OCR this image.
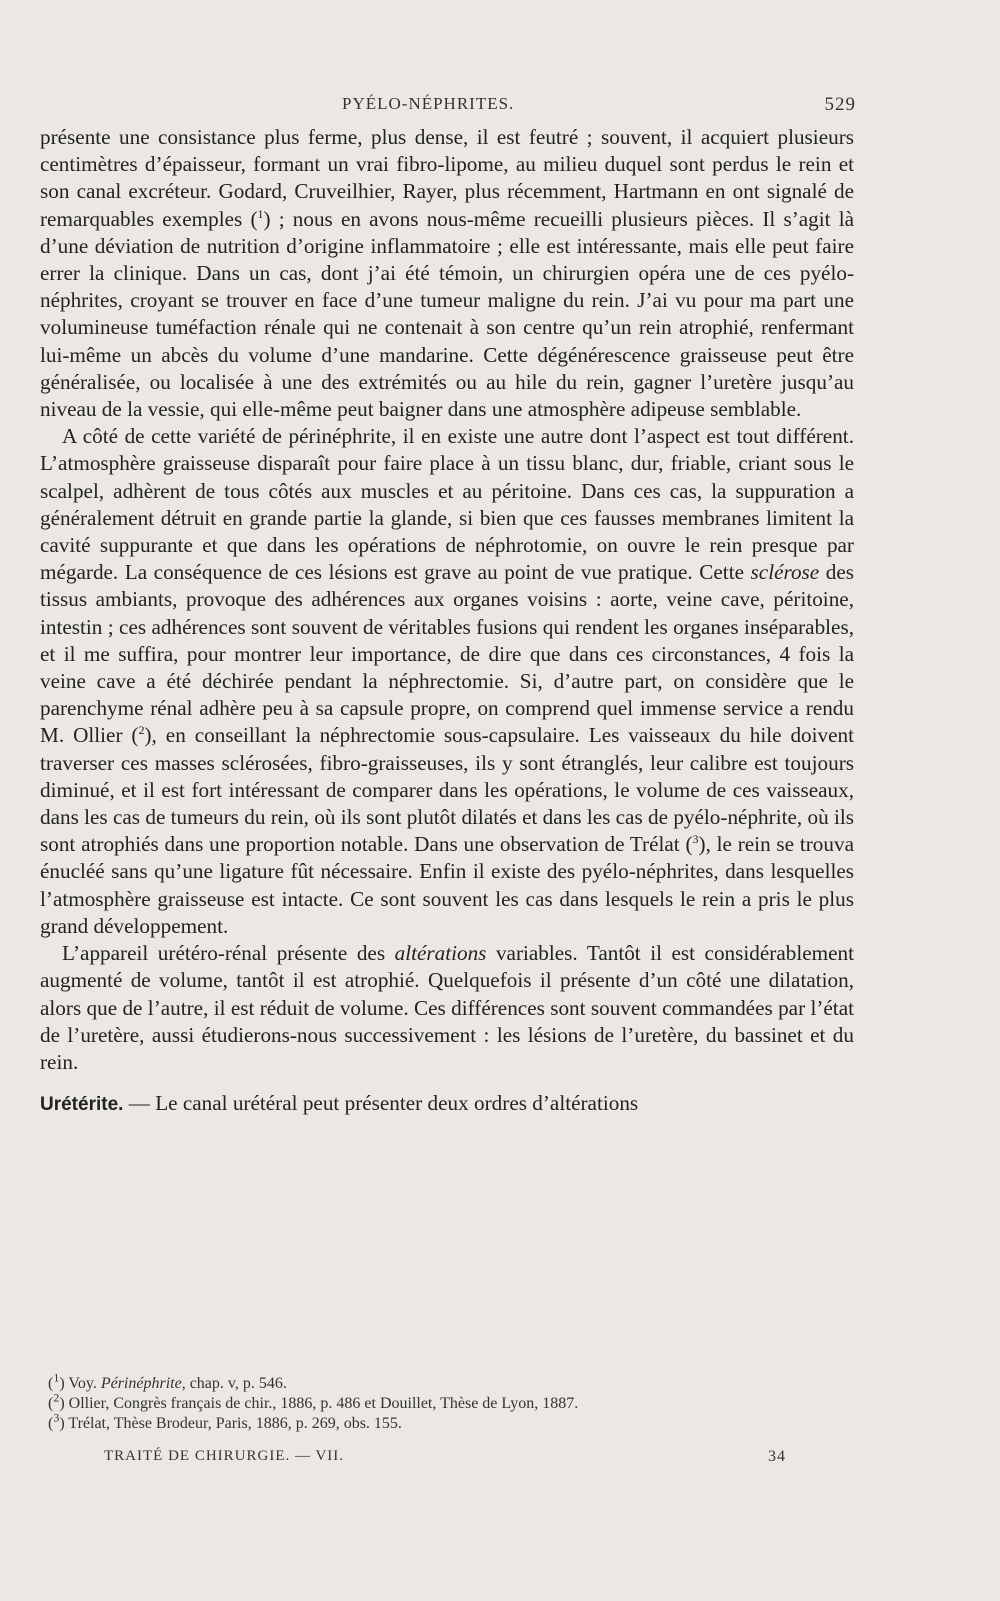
PYÉLO-NÉPHRITES.	529

présente une consistance plus ferme, plus dense, il est feutré ; souvent, il acquiert plusieurs centimètres d’épaisseur, formant un vrai fibro-lipome, au milieu duquel sont perdus le rein et son canal excréteur. Godard, Cruveilhier, Rayer, plus récemment, Hartmann en ont signalé de remarquables exemples ($^1$) ; nous en avons nous-même recueilli plusieurs pièces. Il s’agit là d’une déviation de nutrition d’origine inflammatoire ; elle est intéressante, mais elle peut faire errer la clinique. Dans un cas, dont j’ai été témoin, un chirurgien opéra une de ces pyélo-néphrites, croyant se trouver en face d’une tumeur maligne du rein. J’ai vu pour ma part une volumineuse tuméfaction rénale qui ne contenait à son centre qu’un rein atrophié, renfermant lui-même un abcès du volume d’une mandarine. Cette dégénérescence graisseuse peut être généralisée, ou localisée à une des extrémités ou au hile du rein, gagner l’uretère jusqu’au niveau de la vessie, qui elle-même peut baigner dans une atmosphère adipeuse semblable.

A côté de cette variété de périnéphrite, il en existe une autre dont l’aspect est tout différent. L’atmosphère graisseuse disparaît pour faire place à un tissu blanc, dur, friable, criant sous le scalpel, adhèrent de tous côtés aux muscles et au péritoine. Dans ces cas, la suppuration a généralement détruit en grande partie la glande, si bien que ces fausses membranes limitent la cavité suppurante et que dans les opérations de néphrotomie, on ouvre le rein presque par mégarde. La conséquence de ces lésions est grave au point de vue pratique. Cette sclérose des tissus ambiants, provoque des adhérences aux organes voisins : aorte, veine cave, péritoine, intestin ; ces adhérences sont souvent de véritables fusions qui rendent les organes inséparables, et il me suffira, pour montrer leur importance, de dire que dans ces circonstances, 4 fois la veine cave a été déchirée pendant la néphrectomie. Si, d’autre part, on considère que le parenchyme rénal adhère peu à sa capsule propre, on comprend quel immense service a rendu M. Ollier ($^2$), en conseillant la néphrectomie sous-capsulaire. Les vaisseaux du hile doivent traverser ces masses sclérosées, fibro-graisseuses, ils y sont étranglés, leur calibre est toujours diminué, et il est fort intéressant de comparer dans les opérations, le volume de ces vaisseaux, dans les cas de tumeurs du rein, où ils sont plutôt dilatés et dans les cas de pyélo-néphrite, où ils sont atrophiés dans une proportion notable. Dans une observation de Trélat ($^3$), le rein se trouva énucléé sans qu’une ligature fût nécessaire. Enfin il existe des pyélo-néphrites, dans lesquelles l’atmosphère graisseuse est intacte. Ce sont souvent les cas dans lesquels le rein a pris le plus grand développement.

L’appareil urétéro-rénal présente des altérations variables. Tantôt il est considérablement augmenté de volume, tantôt il est atrophié. Quelquefois il présente d’un côté une dilatation, alors que de l’autre, il est réduit de volume. Ces différences sont souvent commandées par l’état de l’uretère, aussi étudierons-nous successivement : les lésions de l’uretère, du bassinet et du rein.

Urétérite. — Le canal urétéral peut présenter deux ordres d’altérations

($^1$) Voy. Périnéphrite, chap. v, p. 546.

($^2$) Ollier, Congrès français de chir., 1886, p. 486 et Douillet, Thèse de Lyon, 1887.

($^3$) Trélat, Thèse Brodeur, Paris, 1886, p. 269, obs. 155.

TRAITÉ DE CHIRURGIE. — VII.	34
